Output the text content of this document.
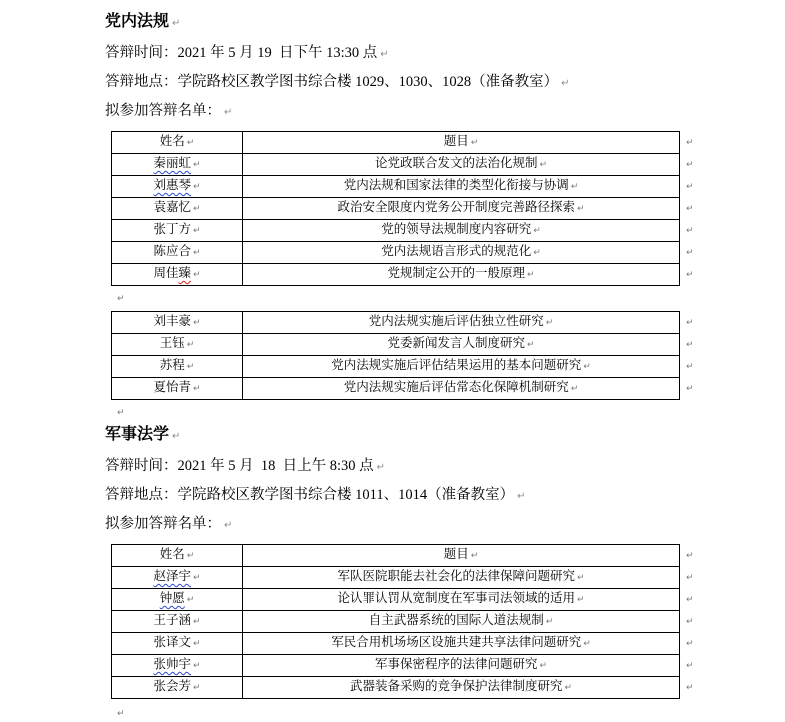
党内法规 ↵

答辩时间：2021 年 5 月 19  日下午 13:30 点 ↵

答辩地点：学院路校区教学图书综合楼 1029、1030、1028（准备教室） ↵

拟参加答辩名单： ↵

姓名 ↵	题目 ↵	↵
秦丽虹 ↵	论党政联合发文的法治化规制 ↵	↵
刘惠琴 ↵	党内法规和国家法律的类型化衔接与协调 ↵	↵
袁嘉忆 ↵	政治安全限度内党务公开制度完善路径探索 ↵	↵
张丁方 ↵	党的领导法规制度内容研究 ↵	↵
陈应合 ↵	党内法规语言形式的规范化 ↵	↵
周佳臻 ↵	党规制定公开的一般原理 ↵	↵

↵

刘丰豪 ↵	党内法规实施后评估独立性研究 ↵	↵
王钰 ↵	党委新闻发言人制度研究 ↵	↵
苏程 ↵	党内法规实施后评估结果运用的基本问题研究 ↵	↵
夏怡青 ↵	党内法规实施后评估常态化保障机制研究 ↵	↵

↵

军事法学 ↵

答辩时间：2021 年 5 月  18  日上午 8:30 点 ↵

答辩地点：学院路校区教学图书综合楼 1011、1014（准备教室） ↵

拟参加答辩名单： ↵

姓名 ↵	题目 ↵	↵
赵泽宇 ↵	军队医院职能去社会化的法律保障问题研究 ↵	↵
钟愿 ↵	论认罪认罚从宽制度在军事司法领域的适用 ↵	↵
王子涵 ↵	自主武器系统的国际人道法规制 ↵	↵
张译文 ↵	军民合用机场场区设施共建共享法律问题研究 ↵	↵
张帅宇 ↵	军事保密程序的法律问题研究 ↵	↵
张会芳 ↵	武器装备采购的竞争保护法律制度研究 ↵	↵

↵
